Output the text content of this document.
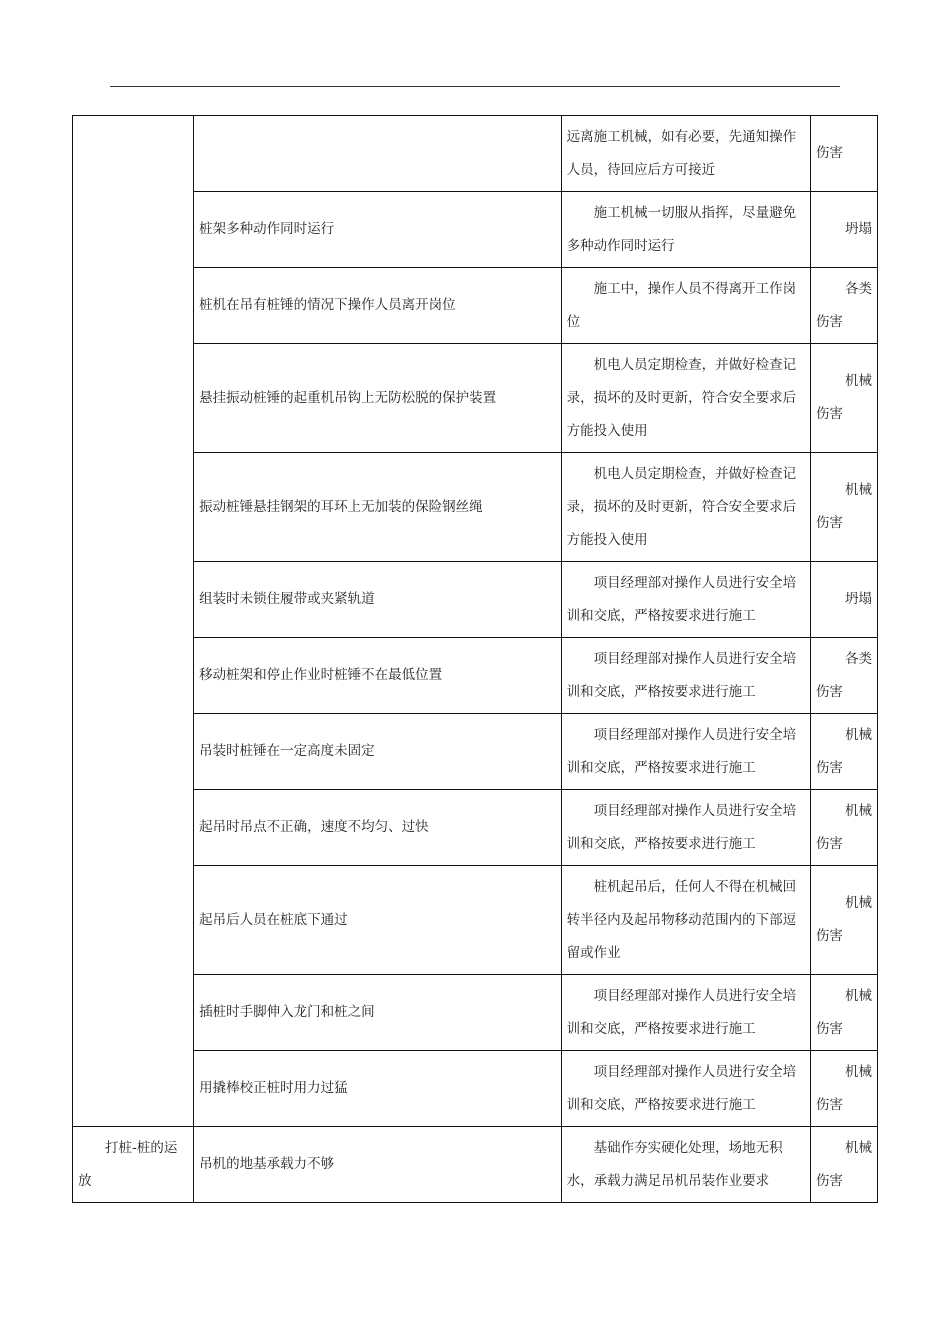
		远离施工机械，如有必要，先通知操作人员，待回应后方可接近	伤害

	桩架多种动作同时运行	施工机械一切服从指挥，尽量避免多种动作同时运行	坍塌

	桩机在吊有桩锤的情况下操作人员离开岗位	施工中，操作人员不得离开工作岗位	各类
伤害

	悬挂振动桩锤的起重机吊钩上无防松脱的保护装置	机电人员定期检查，并做好检查记录，损坏的及时更新，符合安全要求后方能投入使用	机械
伤害

	振动桩锤悬挂钢架的耳环上无加装的保险钢丝绳	机电人员定期检查，并做好检查记录，损坏的及时更新，符合安全要求后方能投入使用	机械
伤害

	组装时未锁住履带或夹紧轨道	项目经理部对操作人员进行安全培训和交底，严格按要求进行施工	坍塌

	移动桩架和停止作业时桩锤不在最低位置	项目经理部对操作人员进行安全培训和交底，严格按要求进行施工	各类
伤害

	吊装时桩锤在一定高度未固定	项目经理部对操作人员进行安全培训和交底，严格按要求进行施工	机械
伤害

	起吊时吊点不正确，速度不均匀、过快	项目经理部对操作人员进行安全培训和交底，严格按要求进行施工	机械
伤害

	起吊后人员在桩底下通过	桩机起吊后，任何人不得在机械回转半径内及起吊物移动范围内的下部逗留或作业	机械
伤害

	插桩时手脚伸入龙门和桩之间	项目经理部对操作人员进行安全培训和交底，严格按要求进行施工	机械
伤害

	用撬棒校正桩时用力过猛	项目经理部对操作人员进行安全培训和交底，严格按要求进行施工	机械
伤害

打桩-桩的运放	吊机的地基承载力不够	基础作夯实硬化处理，场地无积水，承载力满足吊机吊装作业要求	机械
伤害
